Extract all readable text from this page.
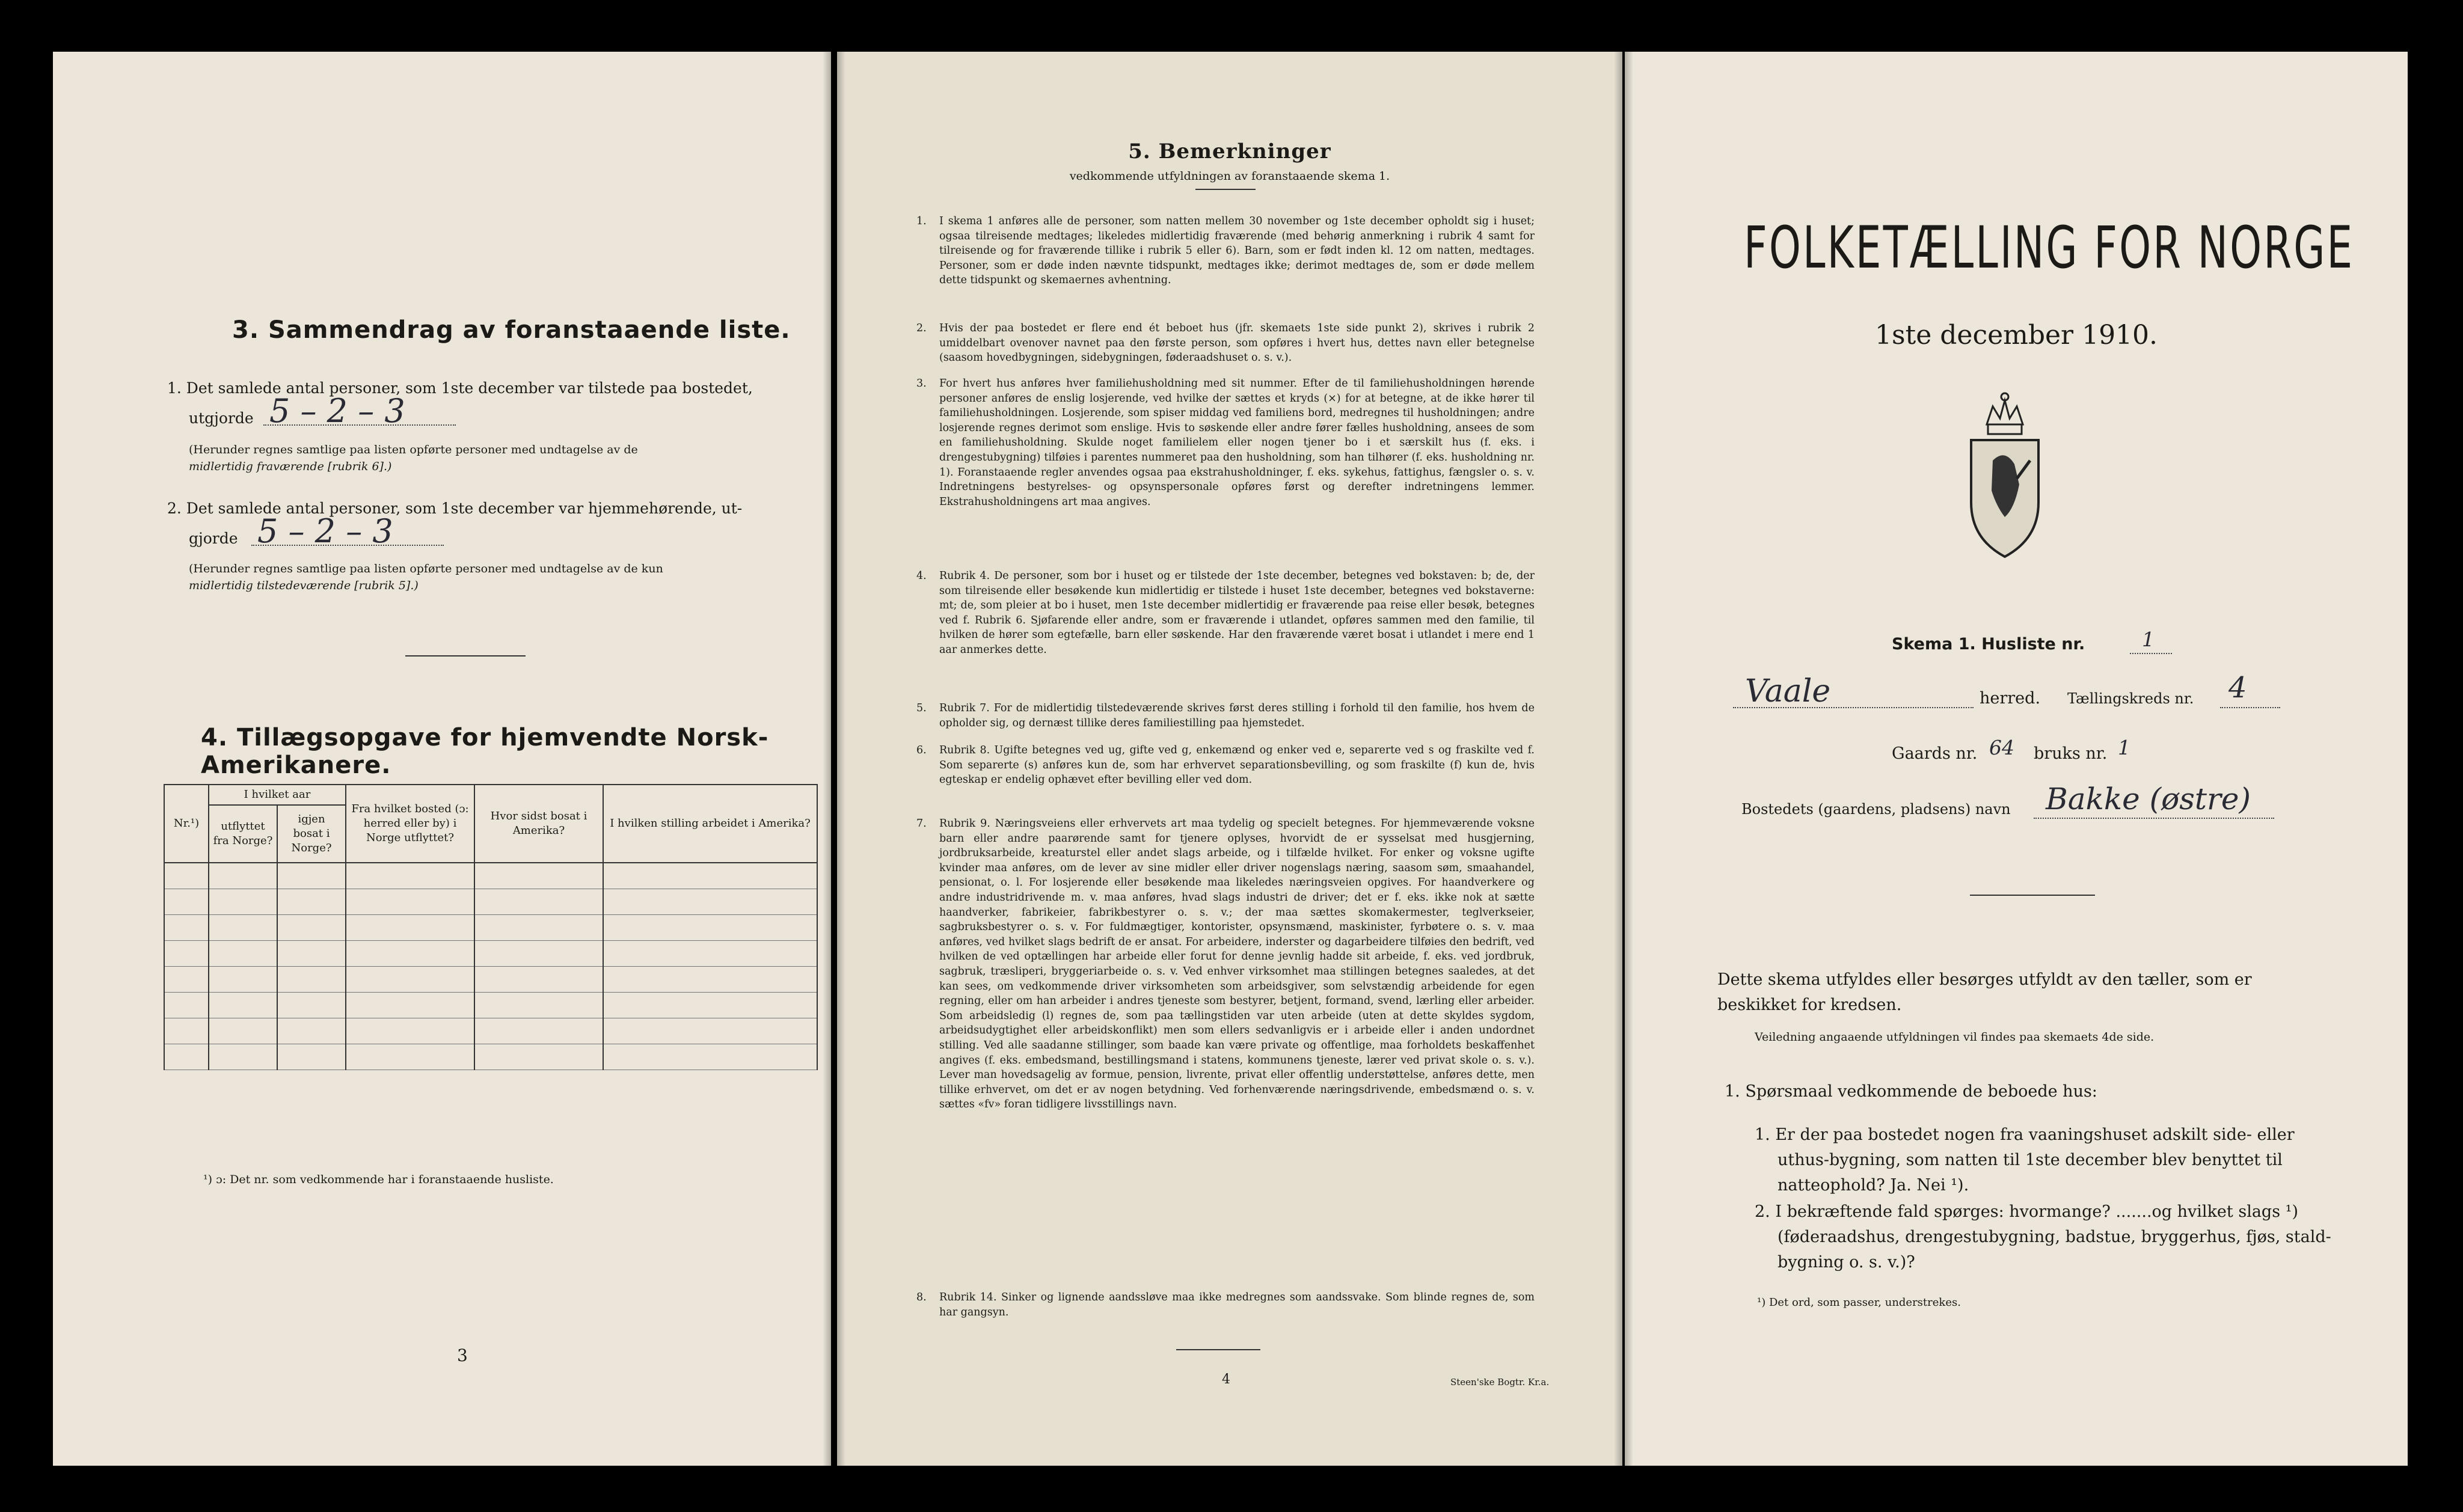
3. Sammendrag av foranstaaende liste.
1. Det samlede antal personer, som 1ste december var tilstede paa bostedet,
utgjorde 5 – 2 – 3
(Herunder regnes samtlige paa listen opførte personer med undtagelse av de
midlertidig fraværende [rubrik 6].)
2. Det samlede antal personer, som 1ste december var hjemmehørende, ut-
gjorde 5 – 2 – 3
(Herunder regnes samtlige paa listen opførte personer med undtagelse av de kun
midlertidig tilstedeværende [rubrik 5].)
4. Tillægsopgave for hjemvendte Norsk-Amerikanere.
Nr.¹)	I hvilket aar		Fra hvilket bosted (ɔ: herred eller by) i Norge utflyttet?	Hvor sidst bosat i Amerika?	I hvilken stilling arbeidet i Amerika?
	utflyttet fra Norge?	igjen bosat i Norge?			

¹) ɔ: Det nr. som vedkommende har i foranstaaende husliste.
3
5. Bemerkninger
vedkommende utfyldningen av foranstaaende skema 1.
1. I skema 1 anføres alle de personer, som natten mellem 30 november og 1ste december opholdt sig i huset; ogsaa tilreisende medtages; likeledes midlertidig fraværende (med behørig anmerkning i rubrik 4 samt for tilreisende og for fraværende tillike i rubrik 5 eller 6). Barn, som er født inden kl. 12 om natten, medtages. Personer, som er døde inden nævnte tidspunkt, medtages ikke; derimot medtages de, som er døde mellem dette tidspunkt og skemaernes avhentning.
2. Hvis der paa bostedet er flere end ét beboet hus (jfr. skemaets 1ste side punkt 2), skrives i rubrik 2 umiddelbart ovenover navnet paa den første person, som opføres i hvert hus, dettes navn eller betegnelse (saasom hovedbygningen, sidebygningen, føderaadshuset o. s. v.).
3. For hvert hus anføres hver familiehusholdning med sit nummer. Efter de til familiehusholdningen hørende personer anføres de enslig losjerende, ved hvilke der sættes et kryds (×) for at betegne, at de ikke hører til familiehusholdningen. Losjerende, som spiser middag ved familiens bord, medregnes til husholdningen; andre losjerende regnes derimot som enslige. Hvis to søskende eller andre fører fælles husholdning, ansees de som en familiehusholdning. Skulde noget familielem eller nogen tjener bo i et særskilt hus (f. eks. i drengestubygning) tilføies i parentes nummeret paa den husholdning, som han tilhører (f. eks. husholdning nr. 1). Foranstaaende regler anvendes ogsaa paa ekstrahusholdninger, f. eks. sykehus, fattighus, fængsler o. s. v. Indretningens bestyrelses- og opsynspersonale opføres først og derefter indretningens lemmer. Ekstrahusholdningens art maa angives.
4. Rubrik 4. De personer, som bor i huset og er tilstede der 1ste december, betegnes ved bokstaven: b; de, der som tilreisende eller besøkende kun midlertidig er tilstede i huset 1ste december, betegnes ved bokstaverne: mt; de, som pleier at bo i huset, men 1ste december midlertidig er fraværende paa reise eller besøk, betegnes ved f. Rubrik 6. Sjøfarende eller andre, som er fraværende i utlandet, opføres sammen med den familie, til hvilken de hører som egtefælle, barn eller søskende. Har den fraværende været bosat i utlandet i mere end 1 aar anmerkes dette.
5. Rubrik 7. For de midlertidig tilstedeværende skrives først deres stilling i forhold til den familie, hos hvem de opholder sig, og dernæst tillike deres familiestilling paa hjemstedet.
6. Rubrik 8. Ugifte betegnes ved ug, gifte ved g, enkemænd og enker ved e, separerte ved s og fraskilte ved f. Som separerte (s) anføres kun de, som har erhvervet separationsbevilling, og som fraskilte (f) kun de, hvis egteskap er endelig ophævet efter bevilling eller ved dom.
7. Rubrik 9. Næringsveiens eller erhvervets art maa tydelig og specielt betegnes. For hjemmeværende voksne barn eller andre paarørende samt for tjenere oplyses, hvorvidt de er sysselsat med husgjerning, jordbruksarbeide, kreaturstel eller andet slags arbeide, og i tilfælde hvilket. For enker og voksne ugifte kvinder maa anføres, om de lever av sine midler eller driver nogenslags næring, saasom søm, smaahandel, pensionat, o. l. For losjerende eller besøkende maa likeledes næringsveien opgives. For haandverkere og andre industridrivende m. v. maa anføres, hvad slags industri de driver; det er f. eks. ikke nok at sætte haandverker, fabrikeier, fabrikbestyrer o. s. v.; der maa sættes skomakermester, teglverkseier, sagbruksbestyrer o. s. v. For fuldmægtiger, kontorister, opsynsmænd, maskinister, fyrbøtere o. s. v. maa anføres, ved hvilket slags bedrift de er ansat. For arbeidere, inderster og dagarbeidere tilføies den bedrift, ved hvilken de ved optællingen har arbeide eller forut for denne jevnlig hadde sit arbeide, f. eks. ved jordbruk, sagbruk, træsliperi, bryggeriarbeide o. s. v. Ved enhver virksomhet maa stillingen betegnes saaledes, at det kan sees, om vedkommende driver virksomheten som arbeidsgiver, som selvstændig arbeidende for egen regning, eller om han arbeider i andres tjeneste som bestyrer, betjent, formand, svend, lærling eller arbeider. Som arbeidsledig (l) regnes de, som paa tællingstiden var uten arbeide (uten at dette skyldes sygdom, arbeidsudygtighet eller arbeidskonflikt) men som ellers sedvanligvis er i arbeide eller i anden undordnet stilling. Ved alle saadanne stillinger, som baade kan være private og offentlige, maa forholdets beskaffenhet angives (f. eks. embedsmand, bestillingsmand i statens, kommunens tjeneste, lærer ved privat skole o. s. v.). Lever man hovedsagelig av formue, pension, livrente, privat eller offentlig understøttelse, anføres dette, men tillike erhvervet, om det er av nogen betydning. Ved forhenværende næringsdrivende, embedsmænd o. s. v. sættes «fv» foran tidligere livsstillings navn.
8. Rubrik 14. Sinker og lignende aandssløve maa ikke medregnes som aandssvake. Som blinde regnes de, som har gangsyn.
4	Steen'ske Bogtr. Kr.a.
FOLKETÆLLING FOR NORGE
1ste december 1910.
Skema 1. Husliste nr.	1
Vaale	herred. Tællingskreds nr. 4
Gaards nr. 64 bruks nr. 1
Bostedets (gaardens, pladsens) navn Bakke (østre)
Dette skema utfyldes eller besørges utfyldt av den tæller, som er
beskikket for kredsen.
Veiledning angaaende utfyldningen vil findes paa skemaets 4de side.
1. Spørsmaal vedkommende de beboede hus:
1. Er der paa bostedet nogen fra vaaningshuset adskilt side- eller
uthus-bygning, som natten til 1ste december blev benyttet til
natteophold? Ja. Nei ¹).
2. I bekræftende fald spørges: hvormange? .......og hvilket slags ¹)
(føderaadshus, drengestubygning, badstue, bryggerhus, fjøs, stald-
bygning o. s. v.)?
¹) Det ord, som passer, understrekes.
